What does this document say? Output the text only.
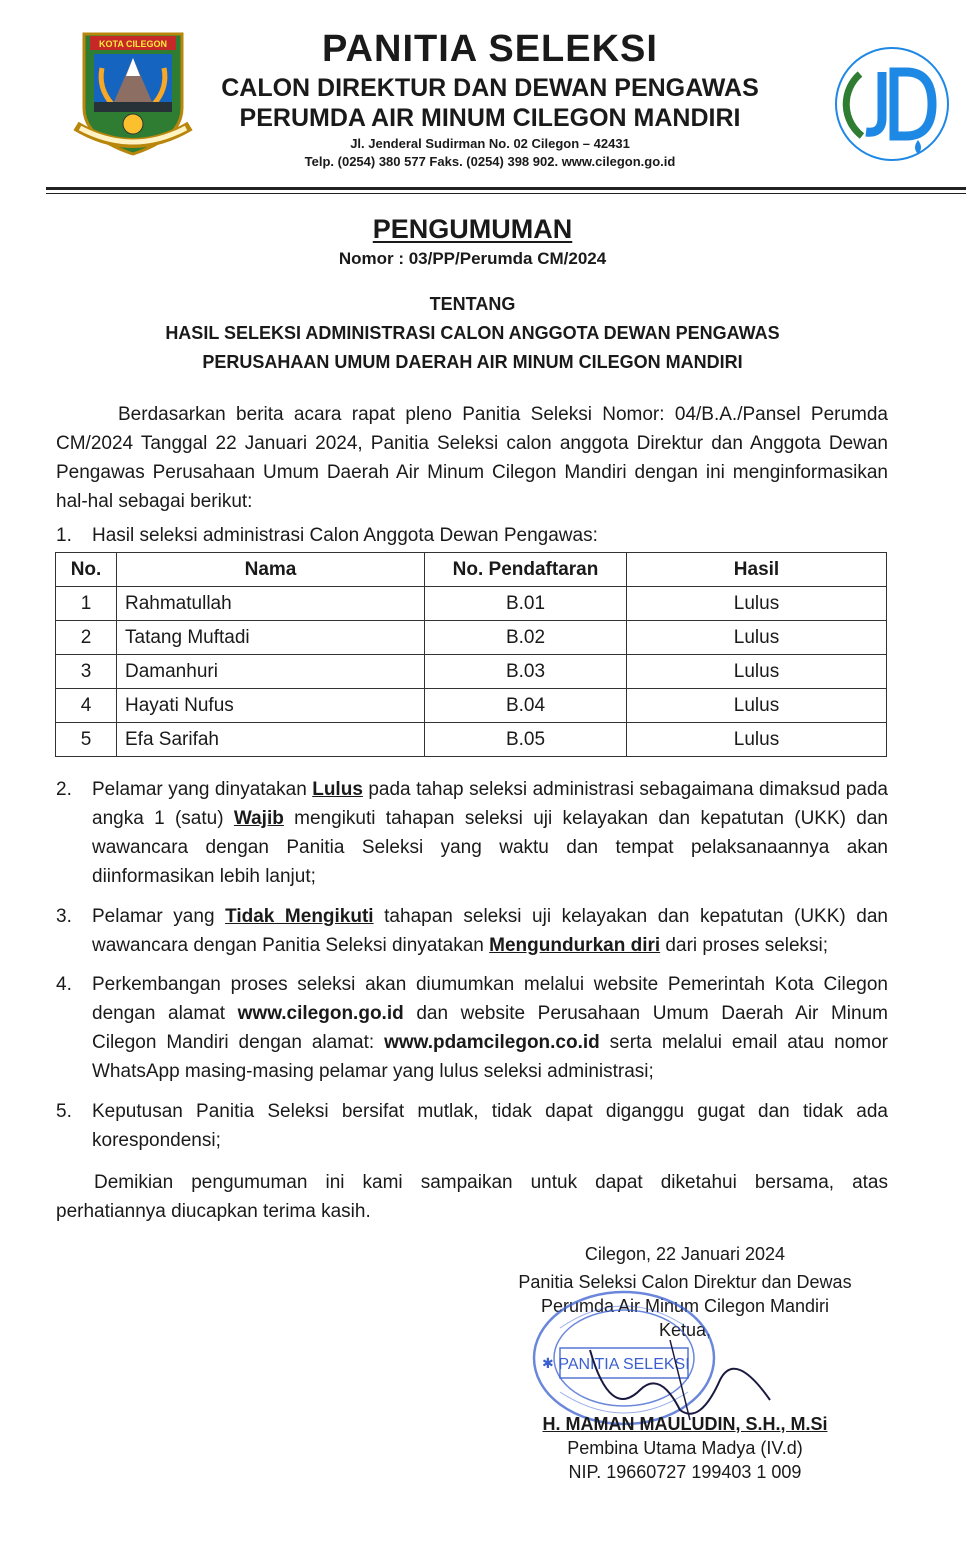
KOTA CILEGON	PANITIA SELEKSI
CALON DIREKTUR DAN DEWAN PENGAWAS
PERUMDA AIR MINUM CILEGON MANDIRI
Jl. Jenderal Sudirman No. 02 Cilegon – 42431
Telp. (0254) 380 577 Faks. (0254) 398 902. www.cilegon.go.id
PENGUMUMAN
Nomor : 03/PP/Perumda CM/2024
TENTANG
HASIL SELEKSI ADMINISTRASI CALON ANGGOTA DEWAN PENGAWAS
PERUSAHAAN UMUM DAERAH AIR MINUM CILEGON MANDIRI

Berdasarkan berita acara rapat pleno Panitia Seleksi Nomor: 04/B.A./Pansel Perumda CM/2024 Tanggal 22 Januari 2024, Panitia Seleksi calon anggota Direktur dan Anggota Dewan Pengawas Perusahaan Umum Daerah Air Minum Cilegon Mandiri dengan ini menginformasikan hal-hal sebagai berikut:

1.	Hasil seleksi administrasi Calon Anggota Dewan Pengawas:
No.	Nama	No. Pendaftaran	Hasil
1	Rahmatullah	B.01	Lulus
2	Tatang Muftadi	B.02	Lulus
3	Damanhuri	B.03	Lulus
4	Hayati Nufus	B.04	Lulus
5	Efa Sarifah	B.05	Lulus
2.	Pelamar yang dinyatakan Lulus pada tahap seleksi administrasi sebagaimana dimaksud pada angka 1 (satu) Wajib mengikuti tahapan seleksi uji kelayakan dan kepatutan (UKK) dan wawancara dengan Panitia Seleksi yang waktu dan tempat pelaksanaannya akan diinformasikan lebih lanjut;
3.	Pelamar yang Tidak Mengikuti tahapan seleksi uji kelayakan dan kepatutan (UKK) dan wawancara dengan Panitia Seleksi dinyatakan Mengundurkan diri dari proses seleksi;
4.	Perkembangan proses seleksi akan diumumkan melalui website Pemerintah Kota Cilegon dengan alamat www.cilegon.go.id dan website Perusahaan Umum Daerah Air Minum Cilegon Mandiri dengan alamat: www.pdamcilegon.co.id serta melalui email atau nomor WhatsApp masing-masing pelamar yang lulus seleksi administrasi;
5.	Keputusan Panitia Seleksi bersifat mutlak, tidak dapat diganggu gugat dan tidak ada korespondensi;

Demikian pengumuman ini kami sampaikan untuk dapat diketahui bersama, atas perhatiannya diucapkan terima kasih.

Cilegon, 22 Januari 2024
Panitia Seleksi Calon Direktur dan Dewas
Perumda Air Minum Cilegon Mandiri
Ketua,
PANITIA SELEKSI
✱
H. MAMAN MAULUDIN, S.H., M.Si
Pembina Utama Madya (IV.d)
NIP. 19660727 199403 1 009
